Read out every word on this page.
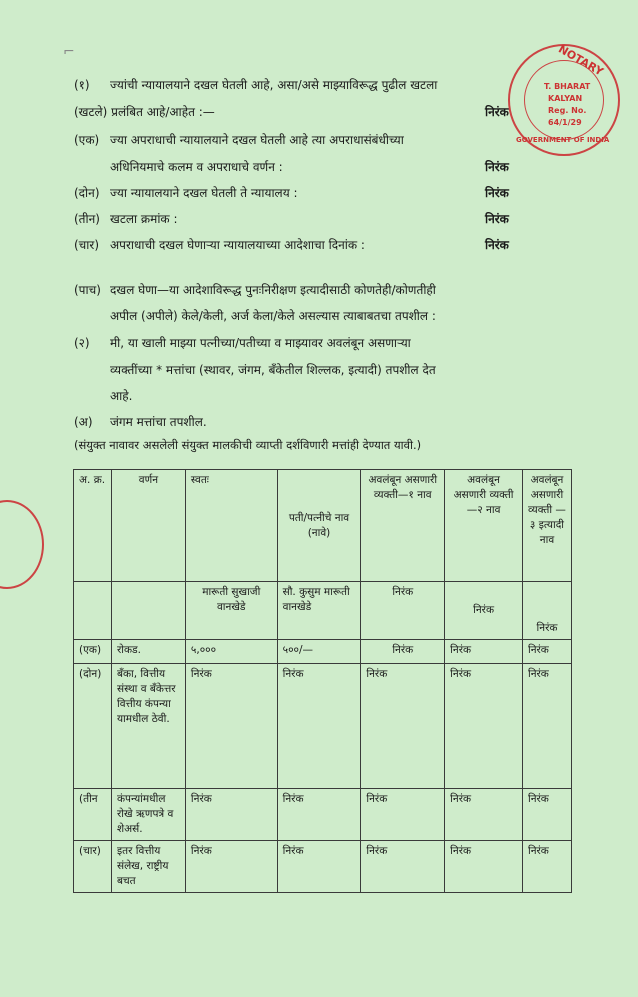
⌐
(१) ज्यांची न्यायालयाने दखल घेतली आहे, असा/असे माझ्याविरूद्ध पुढील खटला
(खटले) प्रलंबित आहे/आहेत :—	निरंक
(एक) ज्या अपराधाची न्यायालयाने दखल घेतली आहे त्या अपराधासंबंधीच्या
अधिनियमाचे कलम व अपराधाचे वर्णन :	निरंक
(दोन) ज्या न्यायालयाने दखल घेतली ते न्यायालय :	निरंक
(तीन) खटला क्रमांक :	निरंक
(चार) अपराधाची दखल घेणाऱ्या न्यायालयाच्या आदेशाचा दिनांक :	निरंक
(पाच) दखल घेणा—या आदेशाविरूद्ध पुनःनिरीक्षण इत्यादीसाठी कोणतेही/कोणतीही
अपील (अपीले) केले/केली, अर्ज केला/केले असल्यास त्याबाबतचा तपशील :
(२) मी, या खाली माझ्या पत्नीच्या/पतीच्या व माझ्यावर अवलंबून असणाऱ्या
व्यक्तींच्या * मत्तांचा (स्थावर, जंगम, बँकेतील शिल्लक, इत्यादी) तपशील देत
आहे.
(अ) जंगम मत्तांचा तपशील.
(संयुक्त नावावर असलेली संयुक्त मालकीची व्याप्ती दर्शविणारी मत्तांही देण्यात यावी.)
अ. क्र.	वर्णन	स्वतः	पती/पत्नीचे नाव (नावे)	अवलंबून असणारी व्यक्ती—१ नाव	अवलंबून असणारी व्यक्ती—२ नाव	अवलंबून असणारी व्यक्ती —३ इत्यादी नाव
		मारूती सुखाजी वानखेडे	सौ. कुसुम मारूती वानखेडे	निरंक	निरंक	निरंक
(एक)	रोकड.	५,०००	५००/—	निरंक	निरंक	निरंक
(दोन)	बँका, वित्तीय संस्था व बँकेत्तर वित्तीय कंपन्या यामधील ठेवी.	निरंक	निरंक	निरंक	निरंक	निरंक
(तीन	कंपन्यांमधील रोखे ऋणपत्रे व शेअर्स.	निरंक	निरंक	निरंक	निरंक	निरंक
(चार)	इतर वित्तीय संलेख, राष्ट्रीय बचत	निरंक	निरंक	निरंक	निरंक	निरंक
NOTARY
T. BHARAT
KALYAN
Reg. No.
64/1/29
GOVERNMENT OF INDIA
